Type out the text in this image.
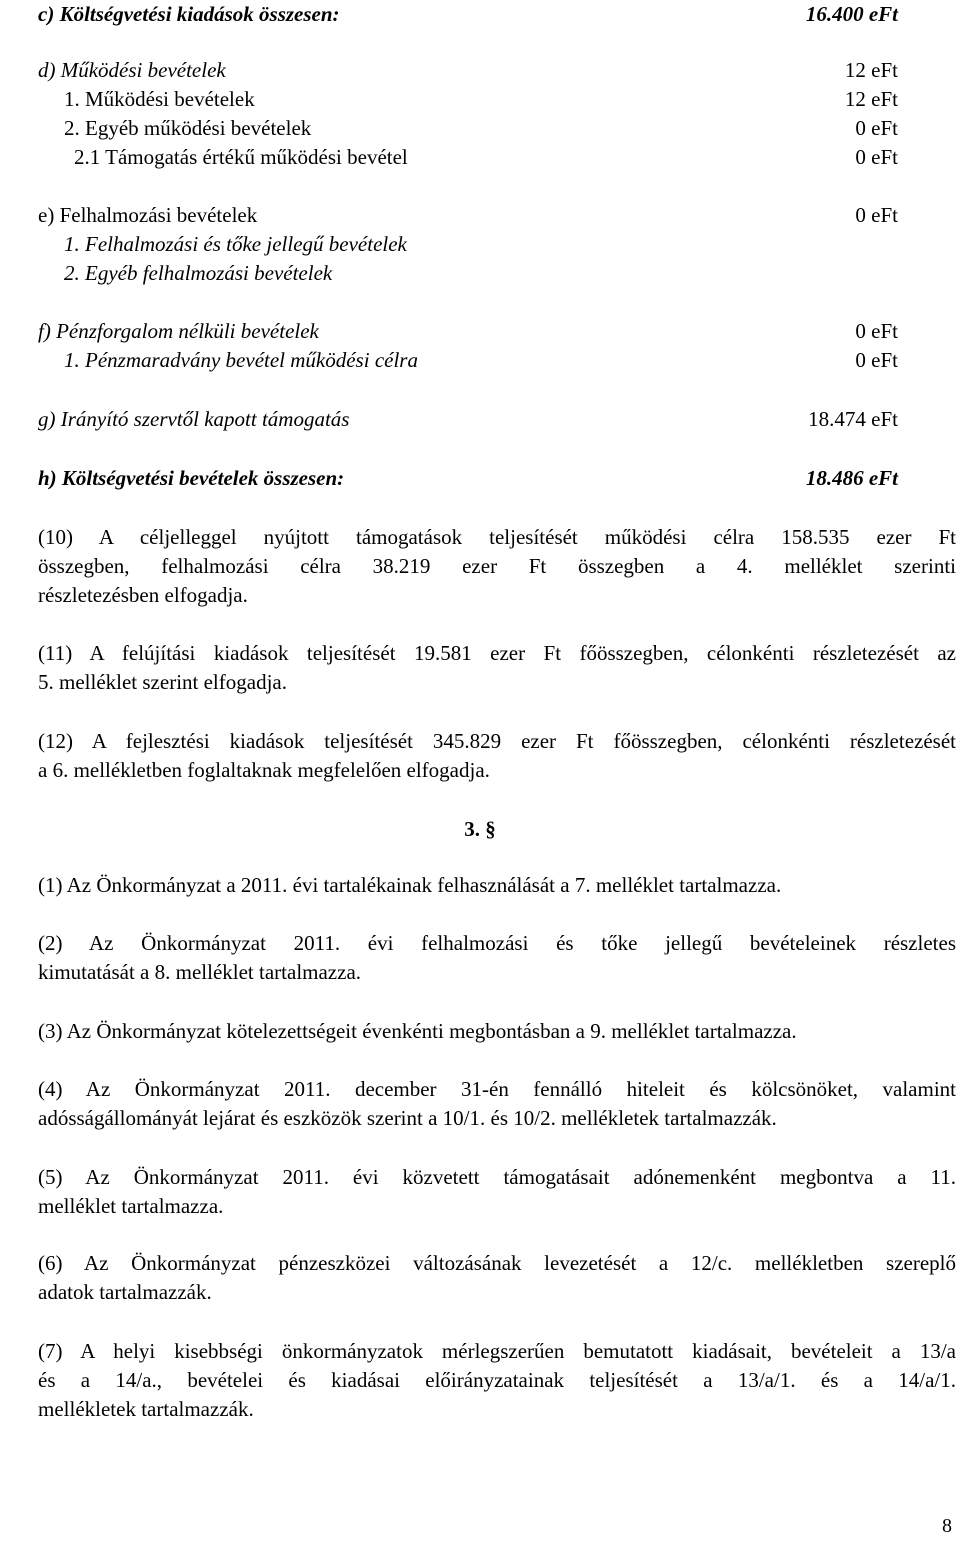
c) Költségvetési kiadások összesen:	16.400 eFt
d) Működési bevételek	12 eFt
1. Működési bevételek	12 eFt
2. Egyéb működési bevételek	0 eFt
2.1 Támogatás értékű működési bevétel	0 eFt
e) Felhalmozási bevételek	0 eFt
1. Felhalmozási és tőke jellegű bevételek
2. Egyéb felhalmozási bevételek
f) Pénzforgalom nélküli bevételek	0 eFt
1. Pénzmaradvány bevétel működési célra	0 eFt
g) Irányító szervtől kapott támogatás	18.474 eFt
h) Költségvetési bevételek összesen:	18.486 eFt
(10) A céljelleggel nyújtott támogatások teljesítését működési célra 158.535 ezer Ft
összegben, felhalmozási célra 38.219 ezer Ft összegben a 4. melléklet szerinti
részletezésben elfogadja.
(11) A felújítási kiadások teljesítését 19.581 ezer Ft főösszegben, célonkénti részletezését az
5. melléklet szerint elfogadja.
(12) A fejlesztési kiadások teljesítését 345.829 ezer Ft főösszegben, célonkénti részletezését
a 6. mellékletben foglaltaknak megfelelően elfogadja.
3. §
(1) Az Önkormányzat a 2011. évi tartalékainak felhasználását a 7. melléklet tartalmazza.
(2) Az Önkormányzat 2011. évi felhalmozási és tőke jellegű bevételeinek részletes
kimutatását a 8. melléklet tartalmazza.
(3) Az Önkormányzat kötelezettségeit évenkénti megbontásban a 9. melléklet tartalmazza.
(4) Az Önkormányzat 2011. december 31-én fennálló hiteleit és kölcsönöket, valamint
adósságállományát lejárat és eszközök szerint a 10/1. és 10/2. mellékletek tartalmazzák.
(5) Az Önkormányzat 2011. évi közvetett támogatásait adónemenként megbontva a 11.
melléklet tartalmazza.
(6) Az Önkormányzat pénzeszközei változásának levezetését a 12/c. mellékletben szereplő
adatok tartalmazzák.
(7) A helyi kisebbségi önkormányzatok mérlegszerűen bemutatott kiadásait, bevételeit a 13/a
és a 14/a., bevételei és kiadásai előirányzatainak teljesítését a 13/a/1. és a 14/a/1.
mellékletek tartalmazzák.
8
